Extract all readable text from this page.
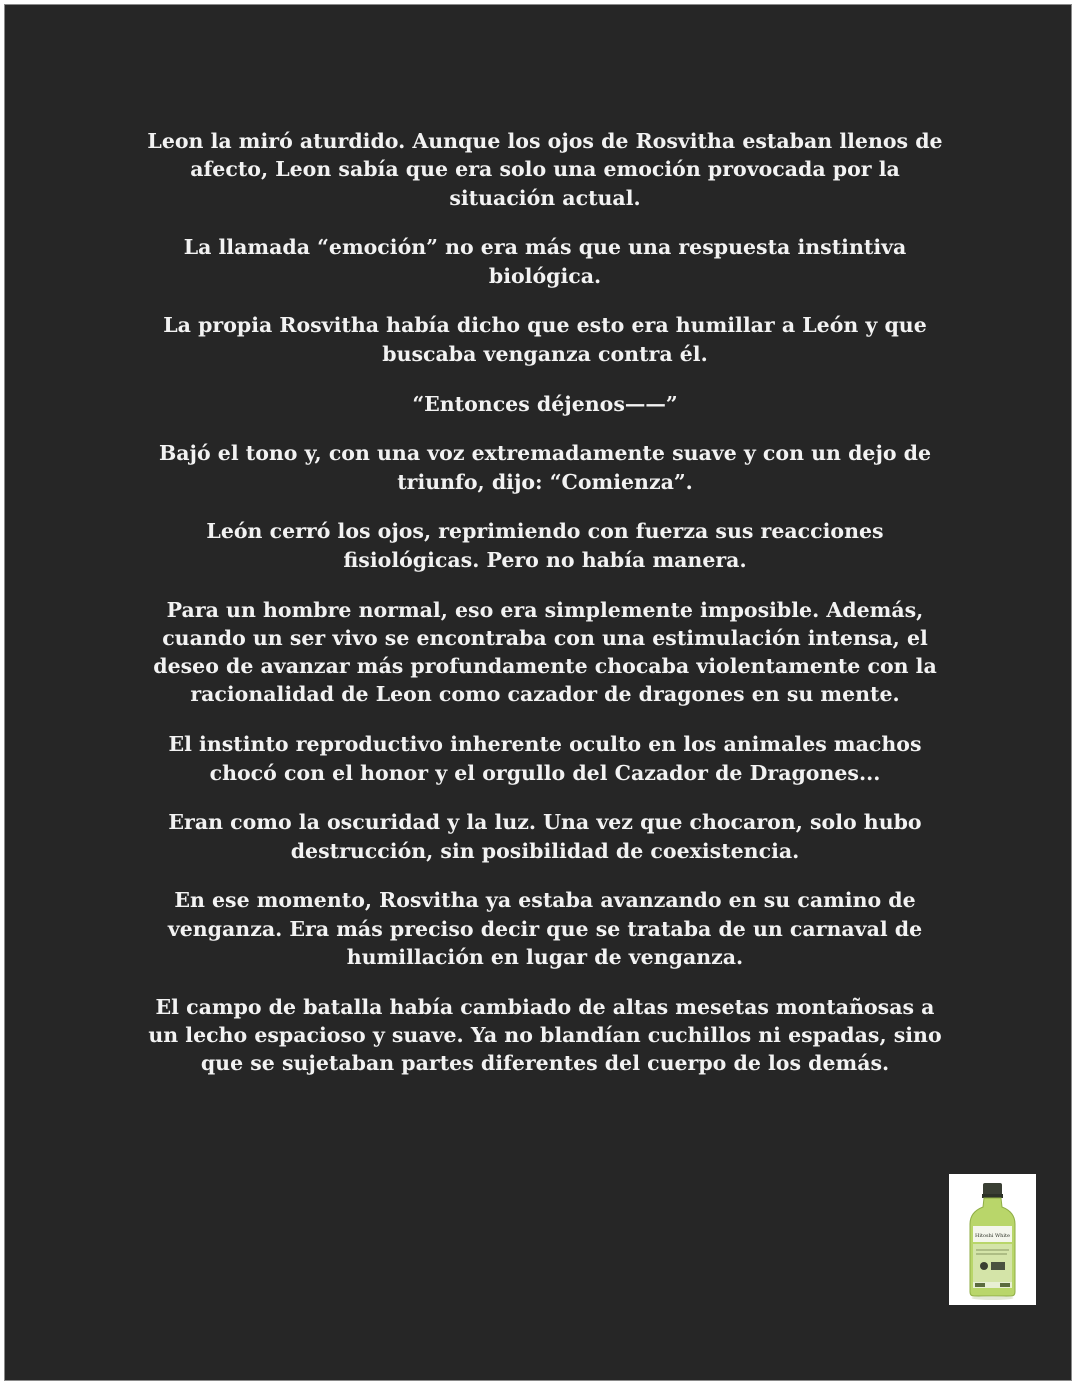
Leon la miró aturdido. Aunque los ojos de Rosvitha estaban llenos de afecto, Leon sabía que era solo una emoción provocada por la situación actual.

La llamada “emoción” no era más que una respuesta instintiva biológica.

La propia Rosvitha había dicho que esto era humillar a León y que buscaba venganza contra él.

“Entonces déjenos——”

Bajó el tono y, con una voz extremadamente suave y con un dejo de triunfo, dijo: “Comienza”.

León cerró los ojos, reprimiendo con fuerza sus reacciones fisiológicas. Pero no había manera.

Para un hombre normal, eso era simplemente imposible. Además, cuando un ser vivo se encontraba con una estimulación intensa, el deseo de avanzar más profundamente chocaba violentamente con la racionalidad de Leon como cazador de dragones en su mente.

El instinto reproductivo inherente oculto en los animales machos chocó con el honor y el orgullo del Cazador de Dragones...

Eran como la oscuridad y la luz. Una vez que chocaron, solo hubo destrucción, sin posibilidad de coexistencia.

En ese momento, Rosvitha ya estaba avanzando en su camino de venganza. Era más preciso decir que se trataba de un carnaval de humillación en lugar de venganza.

El campo de batalla había cambiado de altas mesetas montañosas a un lecho espacioso y suave. Ya no blandían cuchillos ni espadas, sino que se sujetaban partes diferentes del cuerpo de los demás.

Hitoshi White
